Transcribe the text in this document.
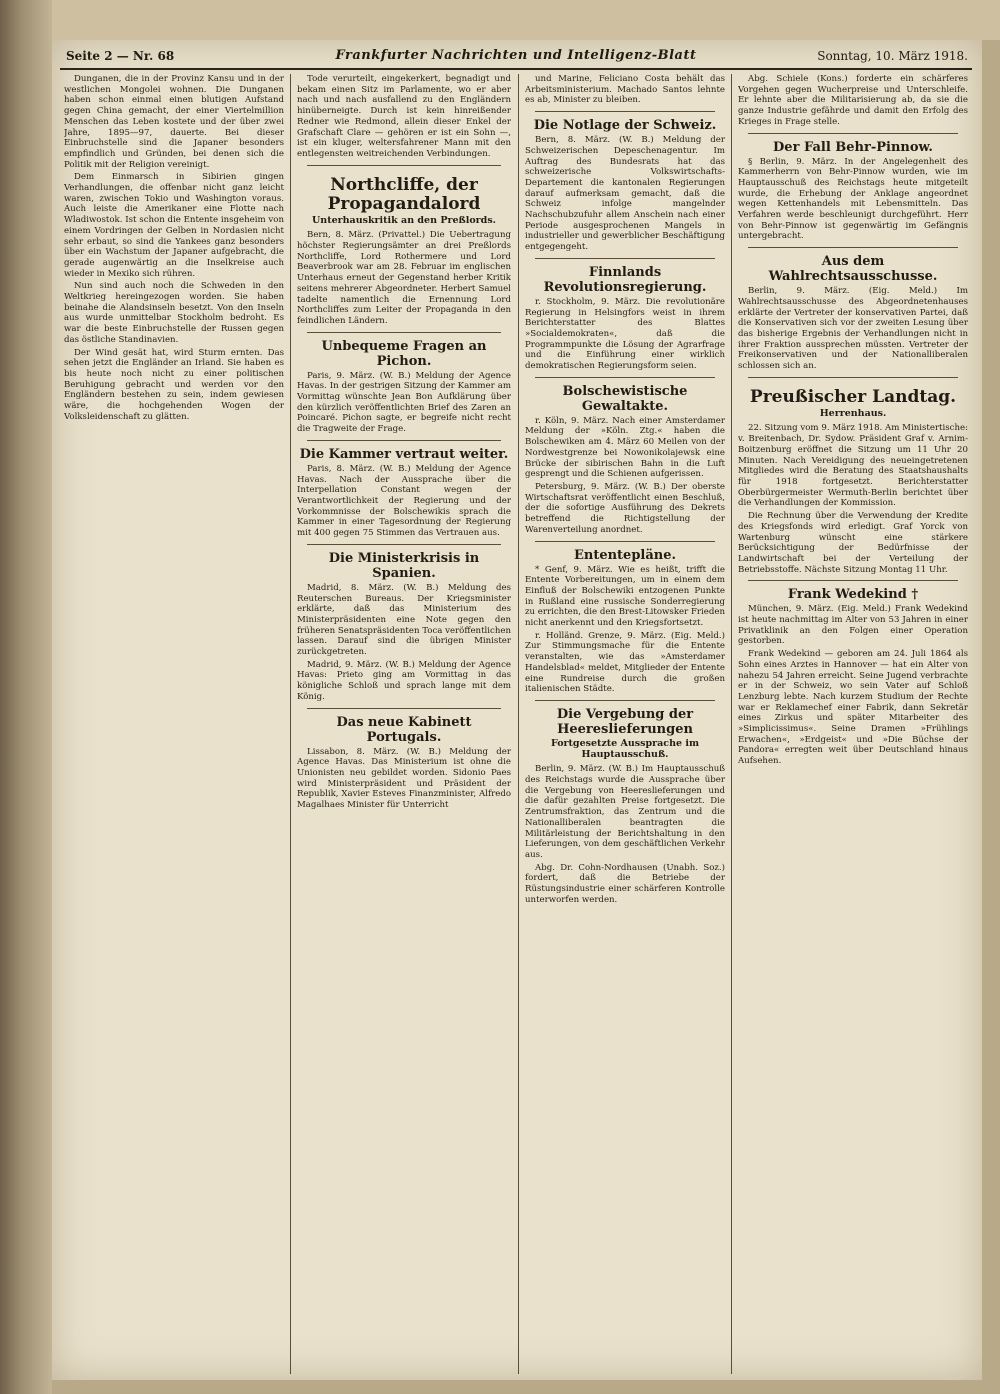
Seite 2 — Nr. 68	Frankfurter Nachrichten und Intelligenz-Blatt	Sonntag, 10. März 1918.

Dunganen, die in der Provinz Kansu und in der westlichen Mongolei wohnen. Die Dunganen haben schon einmal einen blutigen Aufstand gegen China gemacht, der einer Viertelmillion Menschen das Leben kostete und der über zwei Jahre, 1895—97, dauerte. Bei dieser Einbruchstelle sind die Japaner besonders empfindlich und Gründen, bei denen sich die Politik mit der Religion vereinigt.

Dem Einmarsch in Sibirien gingen Verhandlungen, die offenbar nicht ganz leicht waren, zwischen Tokio und Washington voraus. Auch leiste die Amerikaner eine Flotte nach Wladiwostok. Ist schon die Entente insgeheim von einem Vordringen der Gelben in Nordasien nicht sehr erbaut, so sind die Yankees ganz besonders über ein Wachstum der Japaner aufgebracht, die gerade augenwärtig an die Inselkreise auch wieder in Mexiko sich rühren.

Nun sind auch noch die Schweden in den Weltkrieg hereingezogen worden. Sie haben beinahe die Alandsinseln besetzt. Von den Inseln aus wurde unmittelbar Stockholm bedroht. Es war die beste Einbruchstelle der Russen gegen das östliche Standinavien.

Der Wind gesät hat, wird Sturm ernten. Das sehen jetzt die Engländer an Irland. Sie haben es bis heute noch nicht zu einer politischen Beruhigung gebracht und werden vor den Engländern bestehen zu sein, indem gewiesen wäre, die hochgehenden Wogen der Volksleidenschaft zu glätten.

Tode verurteilt, eingekerkert, begnadigt und bekam einen Sitz im Parlamente, wo er aber nach und nach ausfallend zu den Engländern hinüberneigte. Durch ist kein hinreißender Redner wie Redmond, allein dieser Enkel der Grafschaft Clare — gehören er ist ein Sohn —, ist ein kluger, weltersfahrener Mann mit den entlegensten weitreichenden Verbindungen.

Northcliffe, der Propagandalord
Unterhauskritik an den Preßlords.

Bern, 8. März. (Privattel.) Die Uebertragung höchster Regierungsämter an drei Preßlords Northcliffe, Lord Rothermere und Lord Beaverbrook war am 28. Februar im englischen Unterhaus erneut der Gegenstand herber Kritik seitens mehrerer Abgeordneter. Herbert Samuel tadelte namentlich die Ernennung Lord Northcliffes zum Leiter der Propaganda in den feindlichen Ländern.

Unbequeme Fragen an Pichon.

Paris, 9. März. (W. B.) Meldung der Agence Havas. In der gestrigen Sitzung der Kammer am Vormittag wünschte Jean Bon Aufklärung über den kürzlich veröffentlichten Brief des Zaren an Poincaré. Pichon sagte, er begreife nicht recht die Tragweite der Frage.

Die Kammer vertraut weiter.

Paris, 8. März. (W. B.) Meldung der Agence Havas. Nach der Aussprache über die Interpellation Constant wegen der Verantwortlichkeit der Regierung und der Vorkommnisse der Bolschewikis sprach die Kammer in einer Tagesordnung der Regierung mit 400 gegen 75 Stimmen das Vertrauen aus.

Die Ministerkrisis in Spanien.

Madrid, 8. März. (W. B.) Meldung des Reuterschen Bureaus. Der Kriegsminister erklärte, daß das Ministerium des Ministerpräsidenten eine Note gegen den früheren Senatspräsidenten Toca veröffentlichen lassen. Darauf sind die übrigen Minister zurückgetreten.

Madrid, 9. März. (W. B.) Meldung der Agence Havas: Prieto ging am Vormittag in das königliche Schloß und sprach lange mit dem König.

Das neue Kabinett Portugals.

Lissabon, 8. März. (W. B.) Meldung der Agence Havas. Das Ministerium ist ohne die Unionisten neu gebildet worden. Sidonio Paes wird Ministerpräsident und Präsident der Republik, Xavier Esteves Finanzminister, Alfredo Magalhaes Minister für Unterricht

und Marine, Feliciano Costa behält das Arbeitsministerium. Machado Santos lehnte es ab, Minister zu bleiben.

Die Notlage der Schweiz.

Bern, 8. März. (W. B.) Meldung der Schweizerischen Depeschenagentur. Im Auftrag des Bundesrats hat das schweizerische Volkswirtschafts-Departement die kantonalen Regierungen darauf aufmerksam gemacht, daß die Schweiz infolge mangelnder Nachschubzufuhr allem Anschein nach einer Periode ausgesprochenen Mangels in industrieller und gewerblicher Beschäftigung entgegengeht.

Finnlands Revolutionsregierung.

r. Stockholm, 9. März. Die revolutionäre Regierung in Helsingfors weist in ihrem Berichterstatter des Blattes »Socialdemokraten«, daß die Programmpunkte die Lösung der Agrarfrage und die Einführung einer wirklich demokratischen Regierungsform seien.

Bolschewistische Gewaltakte.

r. Köln, 9. März. Nach einer Amsterdamer Meldung der »Köln. Ztg.« haben die Bolschewiken am 4. März 60 Meilen von der Nordwestgrenze bei Nowonikolajewsk eine Brücke der sibirischen Bahn in die Luft gesprengt und die Schienen aufgerissen.

Petersburg, 9. März. (W. B.) Der oberste Wirtschaftsrat veröffentlicht einen Beschluß, der die sofortige Ausführung des Dekrets betreffend die Richtigstellung der Warenverteilung anordnet.

Ententepläne.

* Genf, 9. März. Wie es heißt, trifft die Entente Vorbereitungen, um in einem dem Einfluß der Bolschewiki entzogenen Punkte in Rußland eine russische Sonderregierung zu errichten, die den Brest-Litowsker Frieden nicht anerkennt und den Kriegsfortsetzt.

r. Holländ. Grenze, 9. März. (Eig. Meld.) Zur Stimmungsmache für die Entente veranstalten, wie das »Amsterdamer Handelsblad« meldet, Mitglieder der Entente eine Rundreise durch die großen italienischen Städte.

Die Vergebung der Heereslieferungen
Fortgesetzte Aussprache im Hauptausschuß.

Berlin, 9. März. (W. B.) Im Hauptausschuß des Reichstags wurde die Aussprache über die Vergebung von Heereslieferungen und die dafür gezahlten Preise fortgesetzt. Die Zentrumsfraktion, das Zentrum und die Nationalliberalen beantragten die Militärleistung der Berichtshaltung in den Lieferungen, von dem geschäftlichen Verkehr aus.

Abg. Dr. Cohn-Nordhausen (Unabh. Soz.) fordert, daß die Betriebe der Rüstungsindustrie einer schärferen Kontrolle unterworfen werden.

Abg. Schiele (Kons.) forderte ein schärferes Vorgehen gegen Wucherpreise und Unterschleife. Er lehnte aber die Militarisierung ab, da sie die ganze Industrie gefährde und damit den Erfolg des Krieges in Frage stelle.

Der Fall Behr-Pinnow.

§ Berlin, 9. März. In der Angelegenheit des Kammerherrn von Behr-Pinnow wurden, wie im Hauptausschuß des Reichstags heute mitgeteilt wurde, die Erhebung der Anklage angeordnet wegen Kettenhandels mit Lebensmitteln. Das Verfahren werde beschleunigt durchgeführt. Herr von Behr-Pinnow ist gegenwärtig im Gefängnis untergebracht.

Aus dem Wahlrechtsausschusse.

Berlin, 9. März. (Eig. Meld.) Im Wahlrechtsausschusse des Abgeordnetenhauses erklärte der Vertreter der konservativen Partei, daß die Konservativen sich vor der zweiten Lesung über das bisherige Ergebnis der Verhandlungen nicht in ihrer Fraktion aussprechen müssten. Vertreter der Freikonservativen und der Nationalliberalen schlossen sich an.

Preußischer Landtag.
Herrenhaus.

22. Sitzung vom 9. März 1918. Am Ministertische: v. Breitenbach, Dr. Sydow. Präsident Graf v. Arnim-Boitzenburg eröffnet die Sitzung um 11 Uhr 20 Minuten. Nach Vereidigung des neueingetretenen Mitgliedes wird die Beratung des Staatshaushalts für 1918 fortgesetzt. Berichterstatter Oberbürgermeister Wermuth-Berlin berichtet über die Verhandlungen der Kommission.

Die Rechnung über die Verwendung der Kredite des Kriegsfonds wird erledigt. Graf Yorck von Wartenburg wünscht eine stärkere Berücksichtigung der Bedürfnisse der Landwirtschaft bei der Verteilung der Betriebsstoffe. Nächste Sitzung Montag 11 Uhr.

Frank Wedekind †

München, 9. März. (Eig. Meld.) Frank Wedekind ist heute nachmittag im Alter von 53 Jahren in einer Privatklinik an den Folgen einer Operation gestorben.

Frank Wedekind — geboren am 24. Juli 1864 als Sohn eines Arztes in Hannover — hat ein Alter von nahezu 54 Jahren erreicht. Seine Jugend verbrachte er in der Schweiz, wo sein Vater auf Schloß Lenzburg lebte. Nach kurzem Studium der Rechte war er Reklamechef einer Fabrik, dann Sekretär eines Zirkus und später Mitarbeiter des »Simplicissimus«. Seine Dramen »Frühlings Erwachen«, »Erdgeist« und »Die Büchse der Pandora« erregten weit über Deutschland hinaus Aufsehen.
